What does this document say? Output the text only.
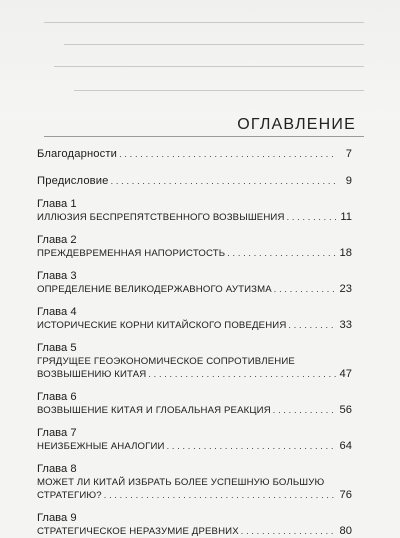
ОГЛАВЛЕНИЕ
Благодарности .....	7
Предисловие .....	9
Глава 1
ИЛЛЮЗИЯ БЕСПРЕПЯТСТВЕННОГО ВОЗВЫШЕНИЯ .....	11
Глава 2
ПРЕЖДЕВРЕМЕННАЯ НАПОРИСТОСТЬ .....	18
Глава 3
ОПРЕДЕЛЕНИЕ ВЕЛИКОДЕРЖАВНОГО АУТИЗМА .....	23
Глава 4
ИСТОРИЧЕСКИЕ КОРНИ КИТАЙСКОГО ПОВЕДЕНИЯ .....	33
Глава 5
ГРЯДУЩЕЕ ГЕОЭКОНОМИЧЕСКОЕ СОПРОТИВЛЕНИЕ
ВОЗВЫШЕНИЮ КИТАЯ .....	47
Глава 6
ВОЗВЫШЕНИЕ КИТАЯ И ГЛОБАЛЬНАЯ РЕАКЦИЯ .....	56
Глава 7
НЕИЗБЕЖНЫЕ АНАЛОГИИ .....	64
Глава 8
МОЖЕТ ЛИ КИТАЙ ИЗБРАТЬ БОЛЕЕ УСПЕШНУЮ БОЛЬШУЮ
СТРАТЕГИЮ? .....	76
Глава 9
СТРАТЕГИЧЕСКОЕ НЕРАЗУМИЕ ДРЕВНИХ .....	80
